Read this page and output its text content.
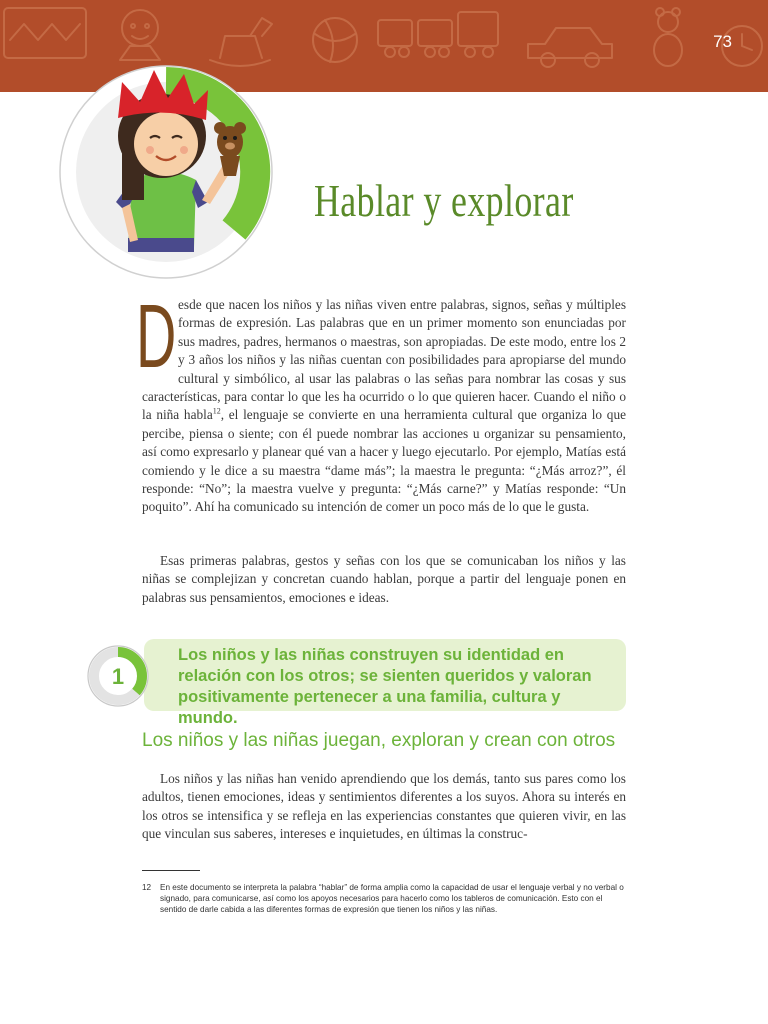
73
Hablar y explorar
D esde que nacen los niños y las niñas viven entre palabras, signos, señas y múltiples formas de expresión. Las palabras que en un primer momento son enunciadas por sus madres, padres, hermanos o maestras, son apropiadas. De este modo, entre los 2 y 3 años los niños y las niñas cuentan con posibilidades para apropiarse del mundo cultural y simbólico, al usar las palabras o las señas para nombrar las cosas y sus características, para contar lo que les ha ocurrido o lo que quieren hacer. Cuando el niño o la niña habla$^{12}$, el lenguaje se convierte en una herramienta cultural que organiza lo que percibe, piensa o siente; con él puede nombrar las acciones u organizar su pensamiento, así como expresarlo y planear qué van a hacer y luego ejecutarlo. Por ejemplo, Matías está comiendo y le dice a su maestra “dame más”; la maestra le pregunta: “¿Más arroz?”, él responde: “No”; la maestra vuelve y pregunta: “¿Más carne?” y Matías responde: “Un poquito”. Ahí ha comunicado su intención de comer un poco más de lo que le gusta.

Esas primeras palabras, gestos y señas con los que se comunicaban los niños y las niñas se complejizan y concretan cuando hablan, porque a partir del lenguaje ponen en palabras sus pensamientos, emociones e ideas.

1

Los niños y las niñas construyen su identidad en relación con los otros; se sienten queridos y valoran positivamente pertenecer a una familia, cultura y mundo.

Los niños y las niñas juegan, exploran y crean con otros

Los niños y las niñas han venido aprendiendo que los demás, tanto sus pares como los adultos, tienen emociones, ideas y sentimientos diferentes a los suyos. Ahora su interés en los otros se intensifica y se refleja en las experiencias constantes que quieren vivir, en las que vinculan sus saberes, intereses e inquietudes, en últimas la construc-

12	En este documento se interpreta la palabra “hablar” de forma amplia como la capacidad de usar el lenguaje verbal y no verbal o signado, para comunicarse, así como los apoyos necesarios para hacerlo como los tableros de comunicación. Esto con el sentido de darle cabida a las diferentes formas de expresión que tienen los niños y las niñas.
